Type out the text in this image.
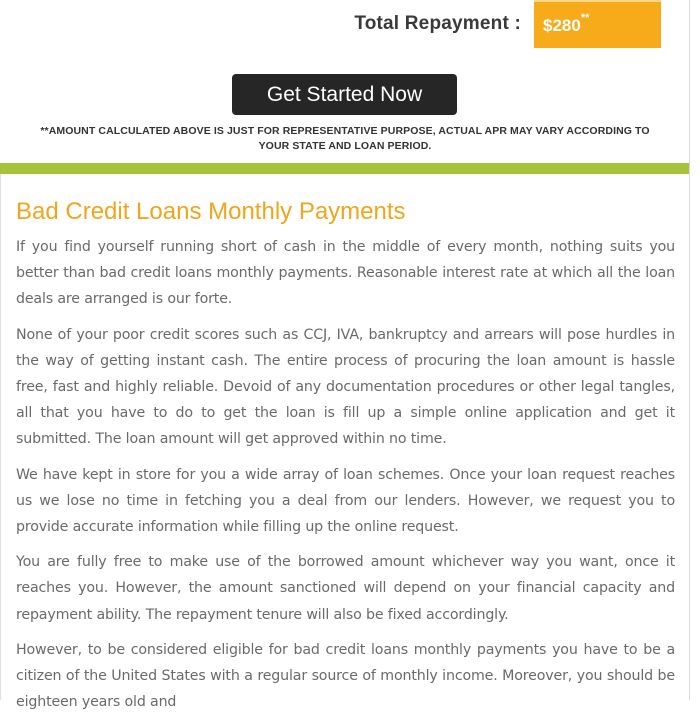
Total Repayment : $280**
Get Started Now
**AMOUNT CALCULATED ABOVE IS JUST FOR REPRESENTATIVE PURPOSE, ACTUAL APR MAY VARY ACCORDING TO YOUR STATE AND LOAN PERIOD.
Bad Credit Loans Monthly Payments

If you find yourself running short of cash in the middle of every month, nothing suits you better than bad credit loans monthly payments. Reasonable interest rate at which all the loan deals are arranged is our forte.

None of your poor credit scores such as CCJ, IVA, bankruptcy and arrears will pose hurdles in the way of getting instant cash. The entire process of procuring the loan amount is hassle free, fast and highly reliable. Devoid of any documentation procedures or other legal tangles, all that you have to do to get the loan is fill up a simple online application and get it submitted. The loan amount will get approved within no time.

We have kept in store for you a wide array of loan schemes. Once your loan request reaches us we lose no time in fetching you a deal from our lenders. However, we request you to provide accurate information while filling up the online request.

You are fully free to make use of the borrowed amount whichever way you want, once it reaches you. However, the amount sanctioned will depend on your financial capacity and repayment ability. The repayment tenure will also be fixed accordingly.

However, to be considered eligible for bad credit loans monthly payments you have to be a citizen of the United States with a regular source of monthly income. Moreover, you should be eighteen years old and
